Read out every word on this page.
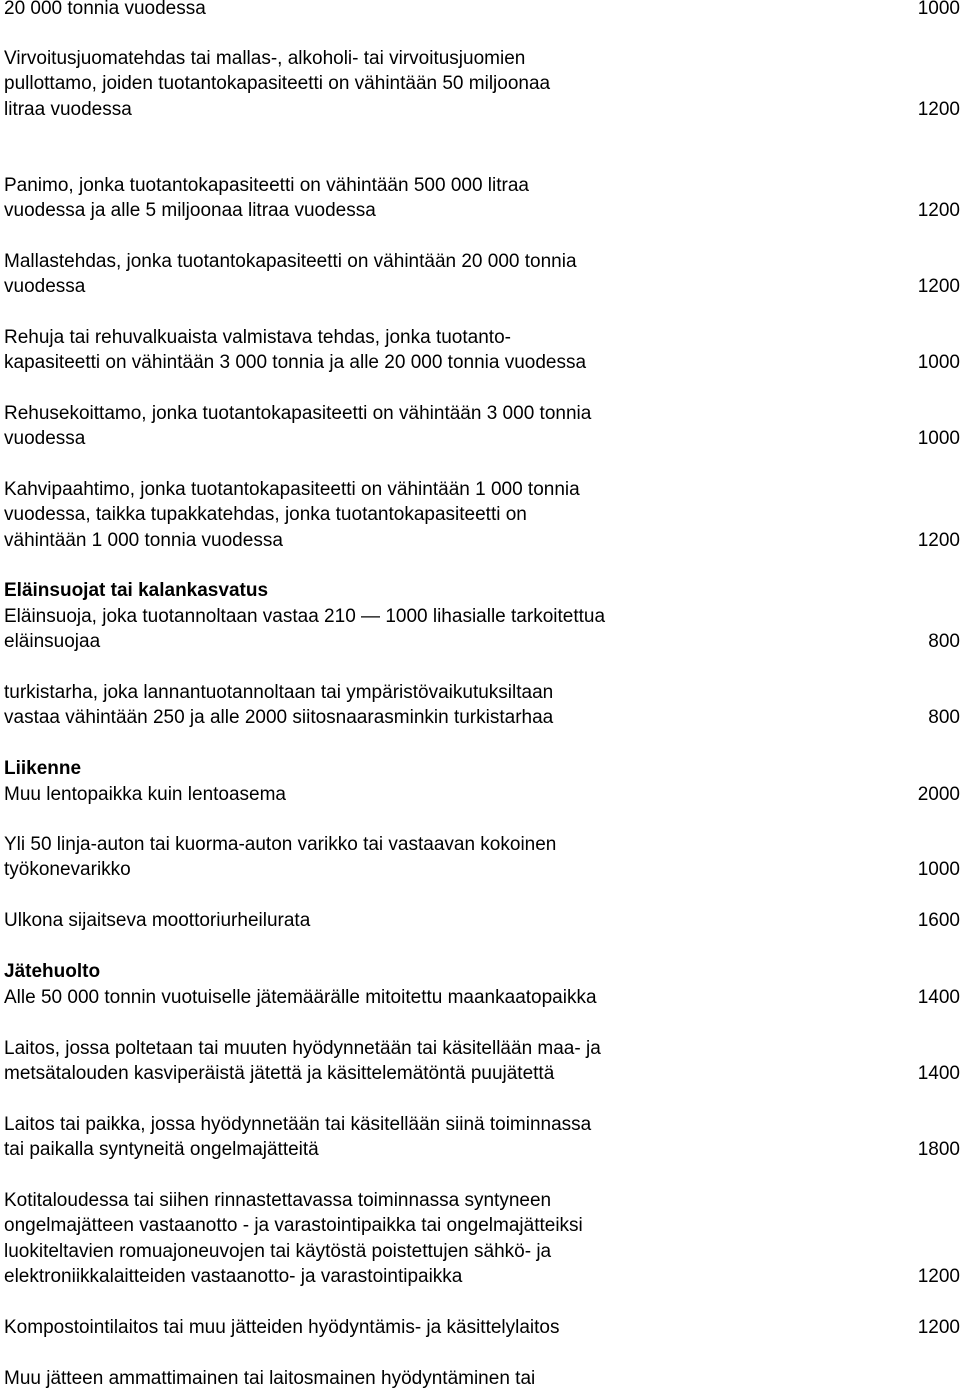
20 000 tonnia vuodessa	1000
Virvoitusjuomatehdas tai mallas-, alkoholi- tai virvoitusjuomien
pullottamo, joiden tuotantokapasiteetti on vähintään 50 miljoonaa
litraa vuodessa	1200
Panimo, jonka tuotantokapasiteetti on vähintään 500 000 litraa
vuodessa ja alle 5 miljoonaa litraa vuodessa	1200
Mallastehdas, jonka tuotantokapasiteetti on vähintään 20 000 tonnia
vuodessa	1200
Rehuja tai rehuvalkuaista valmistava tehdas, jonka tuotanto-
kapasiteetti on vähintään 3 000 tonnia ja alle 20 000 tonnia vuodessa	1000
Rehusekoittamo, jonka tuotantokapasiteetti on vähintään 3 000 tonnia
vuodessa	1000
Kahvipaahtimo, jonka tuotantokapasiteetti on vähintään 1 000 tonnia
vuodessa, taikka tupakkatehdas, jonka tuotantokapasiteetti on
vähintään 1 000 tonnia vuodessa	1200
Eläinsuojat tai kalankasvatus
Eläinsuoja, joka tuotannoltaan vastaa 210 ― 1000 lihasialle tarkoitettua
eläinsuojaa	800
turkistarha, joka lannantuotannoltaan tai ympäristövaikutuksiltaan
vastaa vähintään 250 ja alle 2000 siitosnaarasminkin turkistarhaa	800
Liikenne
Muu lentopaikka kuin lentoasema	2000
Yli 50 linja-auton tai kuorma-auton varikko tai vastaavan kokoinen
työkonevarikko	1000
Ulkona sijaitseva moottoriurheilurata	1600
Jätehuolto
Alle 50 000 tonnin vuotuiselle jätemäärälle mitoitettu maankaatopaikka	1400
Laitos, jossa poltetaan tai muuten hyödynnetään tai käsitellään maa- ja
metsätalouden kasviperäistä jätettä ja käsittelemätöntä puujätettä	1400
Laitos tai paikka, jossa hyödynnetään tai käsitellään siinä toiminnassa
tai paikalla syntyneitä ongelmajätteitä	1800
Kotitaloudessa tai siihen rinnastettavassa toiminnassa syntyneen
ongelmajätteen vastaanotto - ja varastointipaikka tai ongelmajätteiksi
luokiteltavien romuajoneuvojen tai käytöstä poistettujen sähkö- ja
elektroniikkalaitteiden vastaanotto- ja varastointipaikka	1200
Kompostointilaitos tai muu jätteiden hyödyntämis- ja käsittelylaitos	1200
Muu jätteen ammattimainen tai laitosmainen hyödyntäminen tai
